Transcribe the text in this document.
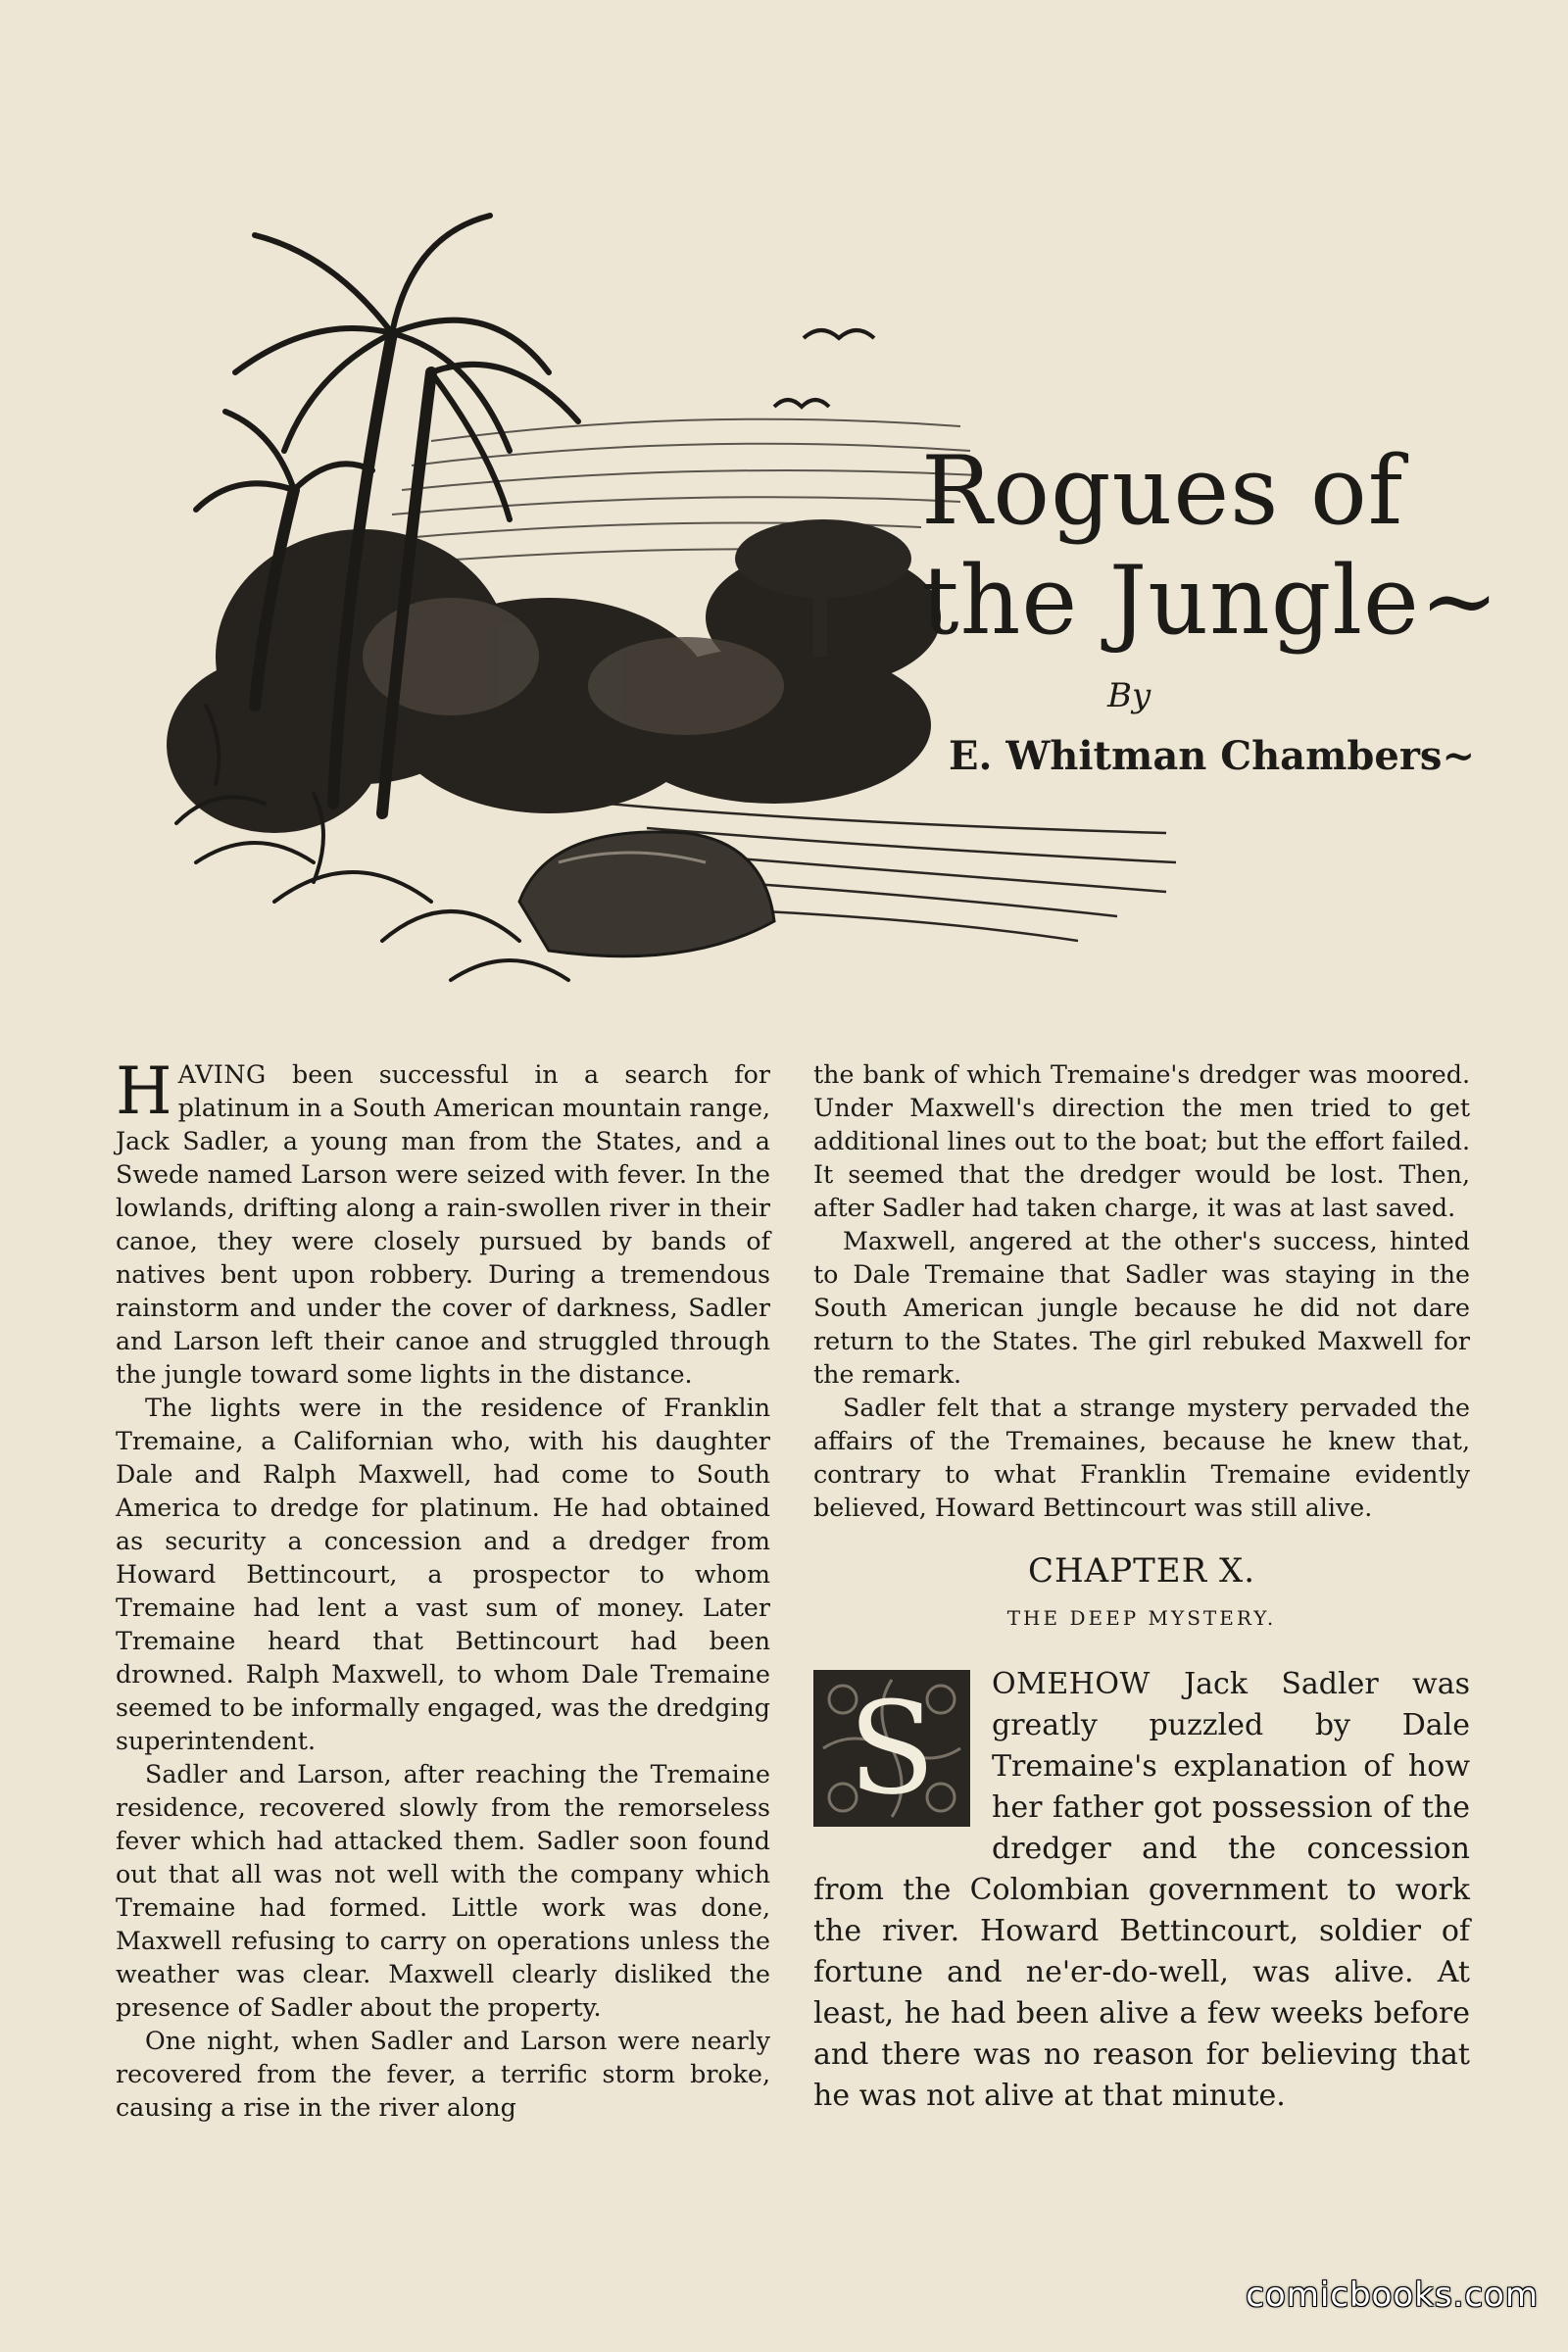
Rogues of
the Jungle~
By
E. Whitman Chambers~

HAVING been successful in a search for platinum in a South American mountain range, Jack Sadler, a young man from the States, and a Swede named Larson were seized with fever. In the lowlands, drifting along a rain-swollen river in their canoe, they were closely pursued by bands of natives bent upon robbery. During a tremendous rainstorm and under the cover of darkness, Sadler and Larson left their canoe and struggled through the jungle toward some lights in the distance.

The lights were in the residence of Franklin Tremaine, a Californian who, with his daughter Dale and Ralph Maxwell, had come to South America to dredge for platinum. He had obtained as security a concession and a dredger from Howard Bettincourt, a prospector to whom Tremaine had lent a vast sum of money. Later Tremaine heard that Bettincourt had been drowned. Ralph Maxwell, to whom Dale Tremaine seemed to be informally engaged, was the dredging superintendent.

Sadler and Larson, after reaching the Tremaine residence, recovered slowly from the remorseless fever which had attacked them. Sadler soon found out that all was not well with the company which Tremaine had formed. Little work was done, Maxwell refusing to carry on operations unless the weather was clear. Maxwell clearly disliked the presence of Sadler about the property.

One night, when Sadler and Larson were nearly recovered from the fever, a terrific storm broke, causing a rise in the river along

the bank of which Tremaine's dredger was moored. Under Maxwell's direction the men tried to get additional lines out to the boat; but the effort failed. It seemed that the dredger would be lost. Then, after Sadler had taken charge, it was at last saved.

Maxwell, angered at the other's success, hinted to Dale Tremaine that Sadler was staying in the South American jungle because he did not dare return to the States. The girl rebuked Maxwell for the remark.

Sadler felt that a strange mystery pervaded the affairs of the Tremaines, because he knew that, contrary to what Franklin Tremaine evidently believed, Howard Bettincourt was still alive.

CHAPTER X.
THE DEEP MYSTERY.
S	OMEHOW Jack Sadler was greatly puzzled by Dale Tremaine's explanation of how her father got possession of the dredger and the concession from the Colombian government to work the river. Howard Bettincourt, soldier of fortune and ne'er-do-well, was alive. At least, he had been alive a few weeks before and there was no reason for believing that he was not alive at that minute.
comicbooks.com
